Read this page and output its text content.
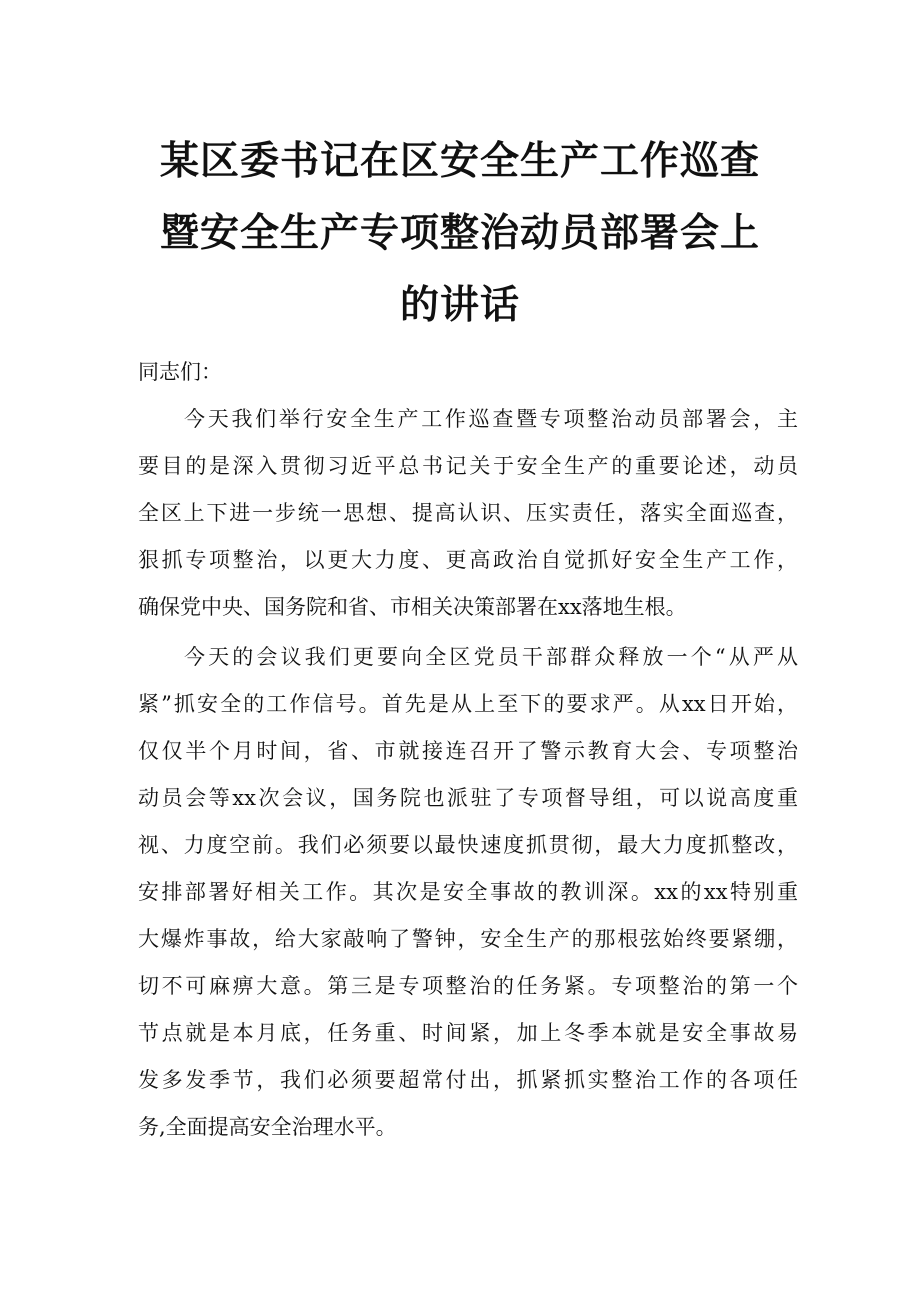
某区委书记在区安全生产工作巡查
暨安全生产专项整治动员部署会上
的讲话
同志们：
今天我们举行安全生产工作巡查暨专项整治动员部署会，主
要目的是深入贯彻习近平总书记关于安全生产的重要论述，动员
全区上下进一步统一思想、提高认识、压实责任，落实全面巡查，
狠抓专项整治，以更大力度、更高政治自觉抓好安全生产工作，
确保党中央、国务院和省、市相关决策部署在xx落地生根。
今天的会议我们更要向全区党员干部群众释放一个“从严从
紧”抓安全的工作信号。首先是从上至下的要求严。从xx日开始，
仅仅半个月时间，省、市就接连召开了警示教育大会、专项整治
动员会等xx次会议，国务院也派驻了专项督导组，可以说高度重
视、力度空前。我们必须要以最快速度抓贯彻，最大力度抓整改，
安排部署好相关工作。其次是安全事故的教训深。xx的xx特别重
大爆炸事故，给大家敲响了警钟，安全生产的那根弦始终要紧绷，
切不可麻痹大意。第三是专项整治的任务紧。专项整治的第一个
节点就是本月底，任务重、时间紧，加上冬季本就是安全事故易
发多发季节，我们必须要超常付出，抓紧抓实整治工作的各项任
务,全面提高安全治理水平。
